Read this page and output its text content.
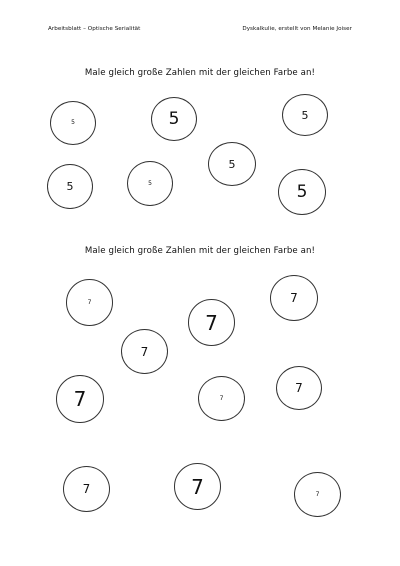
Arbeitsblatt – Optische Serialität	Dyskalkulie, erstellt von Melanie Joiser
Male gleich große Zahlen mit der gleichen Farbe an!
5	5	5
5
5	5	5
Male gleich große Zahlen mit der gleichen Farbe an!
7	7
7
7
7	7
7
7	7	7
